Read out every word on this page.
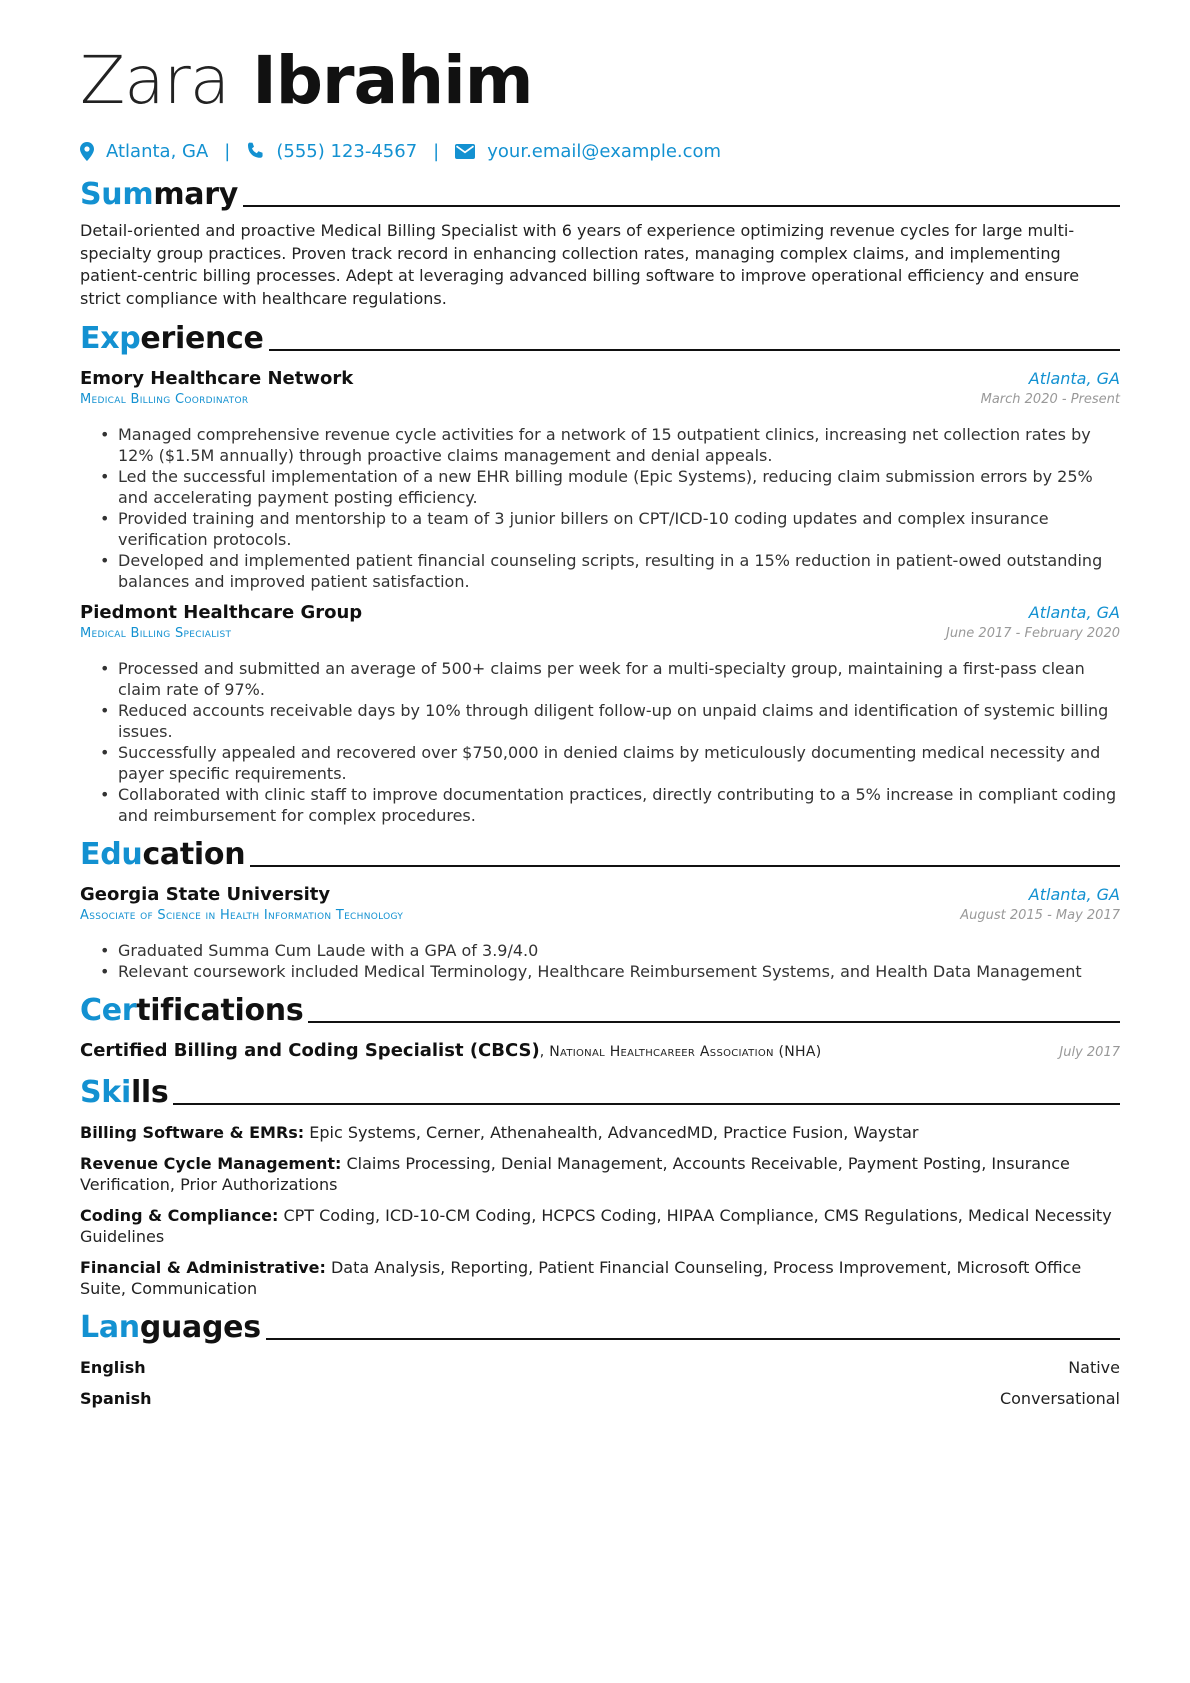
Zara Ibrahim
Atlanta, GA |	(555) 123-4567 |	your.email@example.com
Summary
Detail-oriented and proactive Medical Billing Specialist with 6 years of experience optimizing revenue cycles for large multi-specialty group practices. Proven track record in enhancing collection rates, managing complex claims, and implementing patient-centric billing processes. Adept at leveraging advanced billing software to improve operational efficiency and ensure strict compliance with healthcare regulations.
Experience
Emory Healthcare Network	Atlanta, GA
Medical Billing Coordinator	March 2020 - Present
• Managed comprehensive revenue cycle activities for a network of 15 outpatient clinics, increasing net collection rates by 12% ($1.5M annually) through proactive claims management and denial appeals.
• Led the successful implementation of a new EHR billing module (Epic Systems), reducing claim submission errors by 25% and accelerating payment posting efficiency.
• Provided training and mentorship to a team of 3 junior billers on CPT/ICD-10 coding updates and complex insurance verification protocols.
• Developed and implemented patient financial counseling scripts, resulting in a 15% reduction in patient-owed outstanding balances and improved patient satisfaction.
Piedmont Healthcare Group	Atlanta, GA
Medical Billing Specialist	June 2017 - February 2020
• Processed and submitted an average of 500+ claims per week for a multi-specialty group, maintaining a first-pass clean claim rate of 97%.
• Reduced accounts receivable days by 10% through diligent follow-up on unpaid claims and identification of systemic billing issues.
• Successfully appealed and recovered over $750,000 in denied claims by meticulously documenting medical necessity and payer specific requirements.
• Collaborated with clinic staff to improve documentation practices, directly contributing to a 5% increase in compliant coding and reimbursement for complex procedures.
Education
Georgia State University	Atlanta, GA
Associate of Science in Health Information Technology	August 2015 - May 2017
• Graduated Summa Cum Laude with a GPA of 3.9/4.0
• Relevant coursework included Medical Terminology, Healthcare Reimbursement Systems, and Health Data Management
Certifications
Certified Billing and Coding Specialist (CBCS), National Healthcareer Association (NHA)	July 2017
Skills
Billing Software & EMRs: Epic Systems, Cerner, Athenahealth, AdvancedMD, Practice Fusion, Waystar
Revenue Cycle Management: Claims Processing, Denial Management, Accounts Receivable, Payment Posting, Insurance Verification, Prior Authorizations
Coding & Compliance: CPT Coding, ICD-10-CM Coding, HCPCS Coding, HIPAA Compliance, CMS Regulations, Medical Necessity Guidelines
Financial & Administrative: Data Analysis, Reporting, Patient Financial Counseling, Process Improvement, Microsoft Office Suite, Communication
Languages
English	Native
Spanish	Conversational
